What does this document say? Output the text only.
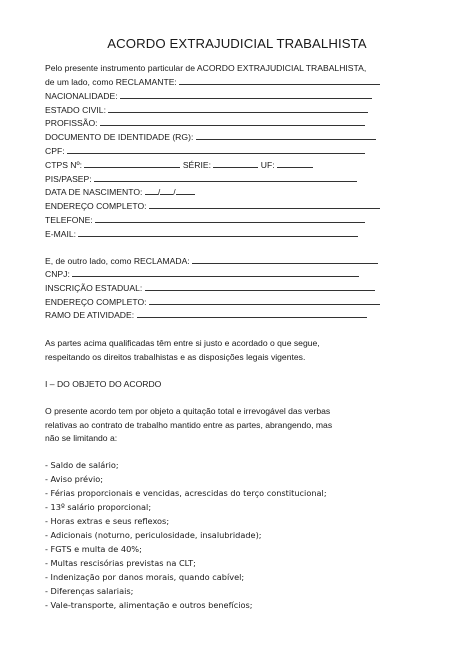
ACORDO EXTRAJUDICIAL TRABALHISTA
Pelo presente instrumento particular de ACORDO EXTRAJUDICIAL TRABALHISTA,
de um lado, como RECLAMANTE:
NACIONALIDADE:
ESTADO CIVIL:
PROFISSÃO:
DOCUMENTO DE IDENTIDADE (RG):
CPF:
CTPS Nº:	SÉRIE:	UF:
PIS/PASEP:
DATA DE NASCIMENTO: / /
ENDEREÇO COMPLETO:
TELEFONE:
E-MAIL:
E, de outro lado, como RECLAMADA:
CNPJ:
INSCRIÇÃO ESTADUAL:
ENDEREÇO COMPLETO:
RAMO DE ATIVIDADE:
As partes acima qualificadas têm entre si justo e acordado o que segue,
respeitando os direitos trabalhistas e as disposições legais vigentes.
I – DO OBJETO DO ACORDO
O presente acordo tem por objeto a quitação total e irrevogável das verbas
relativas ao contrato de trabalho mantido entre as partes, abrangendo, mas
não se limitando a:
- Saldo de salário;
- Aviso prévio;
- Férias proporcionais e vencidas, acrescidas do terço constitucional;
- 13º salário proporcional;
- Horas extras e seus reflexos;
- Adicionais (noturno, periculosidade, insalubridade);
- FGTS e multa de 40%;
- Multas rescisórias previstas na CLT;
- Indenização por danos morais, quando cabível;
- Diferenças salariais;
- Vale-transporte, alimentação e outros benefícios;
